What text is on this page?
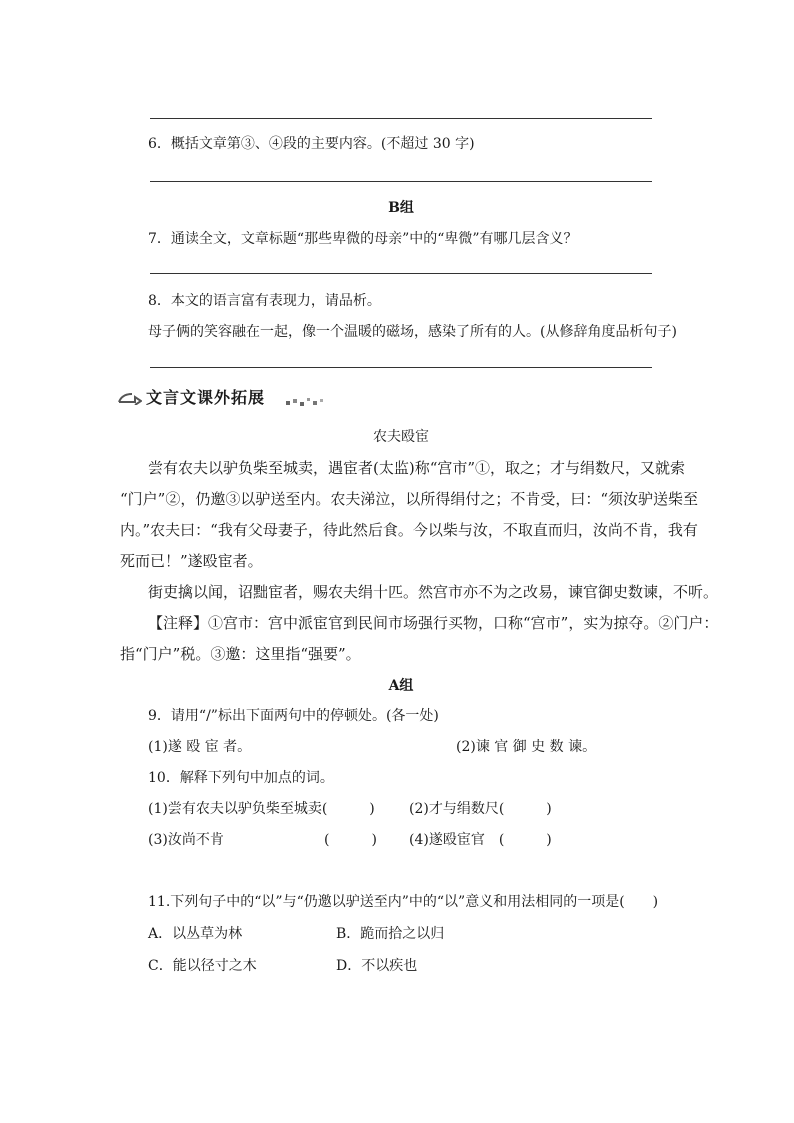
6．概括文章第③、④段的主要内容。(不超过 30 字)
B组
7．通读全文，文章标题“那些卑微的母亲”中的“卑微”有哪几层含义？
8．本文的语言富有表现力，请品析。
母子俩的笑容融在一起，像一个温暖的磁场，感染了所有的人。(从修辞角度品析句子)
文言文课外拓展
农夫殴宦
尝有农夫以驴负柴至城卖，遇宦者(太监)称“宫市”①，取之；才与绢数尺，又就索
“门户”②，仍邀③以驴送至内。农夫涕泣，以所得绢付之；不肯受，曰：“须汝驴送柴至
内。”农夫曰：“我有父母妻子，待此然后食。今以柴与汝，不取直而归，汝尚不肯，我有
死而已！”遂殴宦者。
街吏擒以闻，诏黜宦者，赐农夫绢十匹。然宫市亦不为之改易，谏官御史数谏，不听。
【注释】①宫市：宫中派宦官到民间市场强行买物，口称“宫市”，实为掠夺。②门户：
指“门户”税。③邀：这里指“强要”。
A组
9．请用“/”标出下面两句中的停顿处。(各一处)
(1)遂 殴 宦 者。	(2)谏 官 御 史 数 谏。
10．解释下列句中加点的词。
(1)尝有农夫以驴负柴至城卖(　　　) (2)才与绢数尺(　　　)
(3)汝尚不肯	(　　　) (4)遂殴宦官　(　　　)
11.下列句子中的“以”与“仍邀以驴送至内”中的“以”意义和用法相同的一项是(　　)
A．以丛草为林	B．跪而拾之以归
C．能以径寸之木	D．不以疾也
